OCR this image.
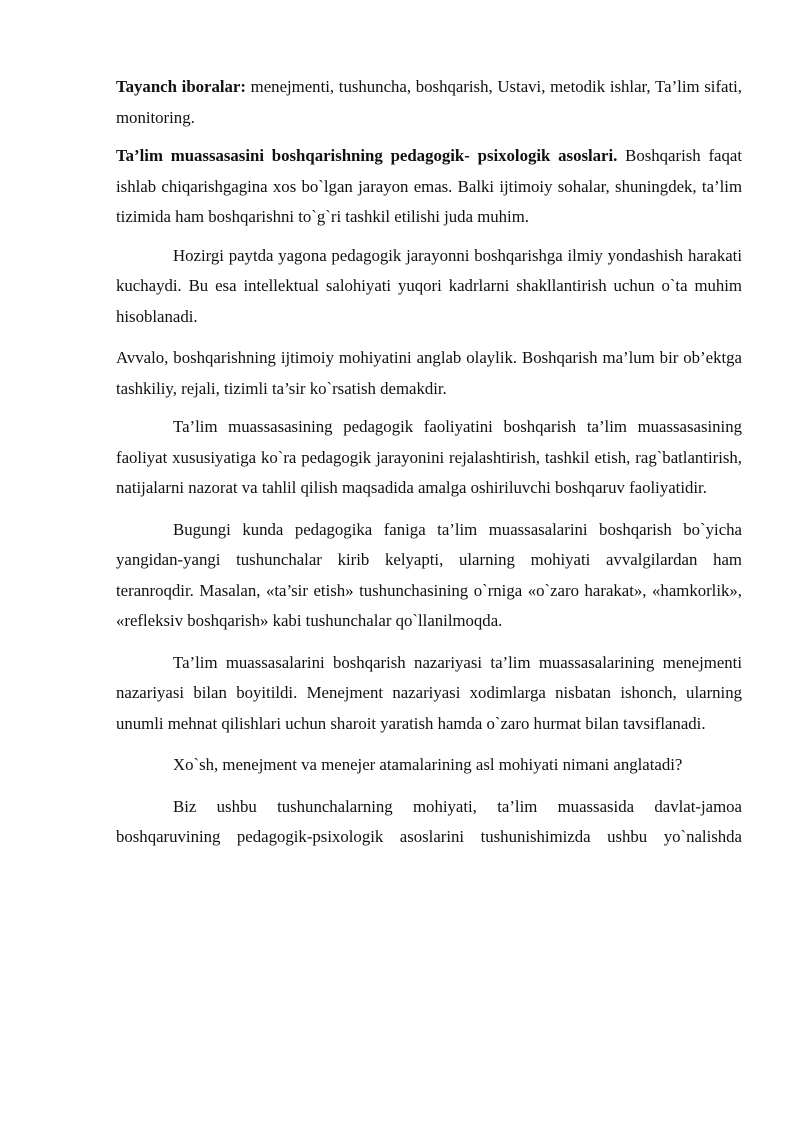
Tayanch iboralar: menejmenti, tushuncha, boshqarish, Ustavi, metodik ishlar, Ta’lim sifati, monitoring.

Ta’lim muassasasini boshqarishning pedagogik- psixologik asoslari. Boshqarish faqat ishlab chiqarishgagina xos bo`lgan jarayon emas. Balki ijtimoiy sohalar, shuningdek, ta’lim tizimida ham boshqarishni to`g`ri tashkil etilishi juda muhim.

Hozirgi paytda yagona pedagogik jarayonni boshqarishga ilmiy yondashish harakati kuchaydi. Bu esa intellektual salohiyati yuqori kadrlarni shakllantirish uchun o`ta muhim hisoblanadi.

Avvalo, boshqarishning ijtimoiy mohiyatini anglab olaylik. Boshqarish ma’lum bir ob’ektga tashkiliy, rejali, tizimli ta’sir ko`rsatish demakdir.

Ta’lim muassasasining pedagogik faoliyatini boshqarish ta’lim muassasasining faoliyat xususiyatiga ko`ra pedagogik jarayonini rejalashtirish, tashkil etish, rag`batlantirish, natijalarni nazorat va tahlil qilish maqsadida amalga oshiriluvchi boshqaruv faoliyatidir.

Bugungi kunda pedagogika faniga ta’lim muassasalarini boshqarish bo`yicha yangidan-yangi tushunchalar kirib kelyapti, ularning mohiyati avvalgilardan ham teranroqdir. Masalan, «ta’sir etish» tushunchasining o`rniga «o`zaro harakat», «hamkorlik», «refleksiv boshqarish» kabi tushunchalar qo`llanilmoqda.

Ta’lim muassasalarini boshqarish nazariyasi ta’lim muassasalarining menejmenti nazariyasi bilan boyitildi. Menejment nazariyasi xodimlarga nisbatan ishonch, ularning unumli mehnat qilishlari uchun sharoit yaratish hamda o`zaro hurmat bilan tavsiflanadi.

Xo`sh, menejment va menejer atamalarining asl mohiyati nimani anglatadi?

Biz ushbu tushunchalarning mohiyati, ta’lim muassasida davlat-jamoa boshqaruvining pedagogik-psixologik asoslarini tushunishimizda ushbu yo`nalishda
